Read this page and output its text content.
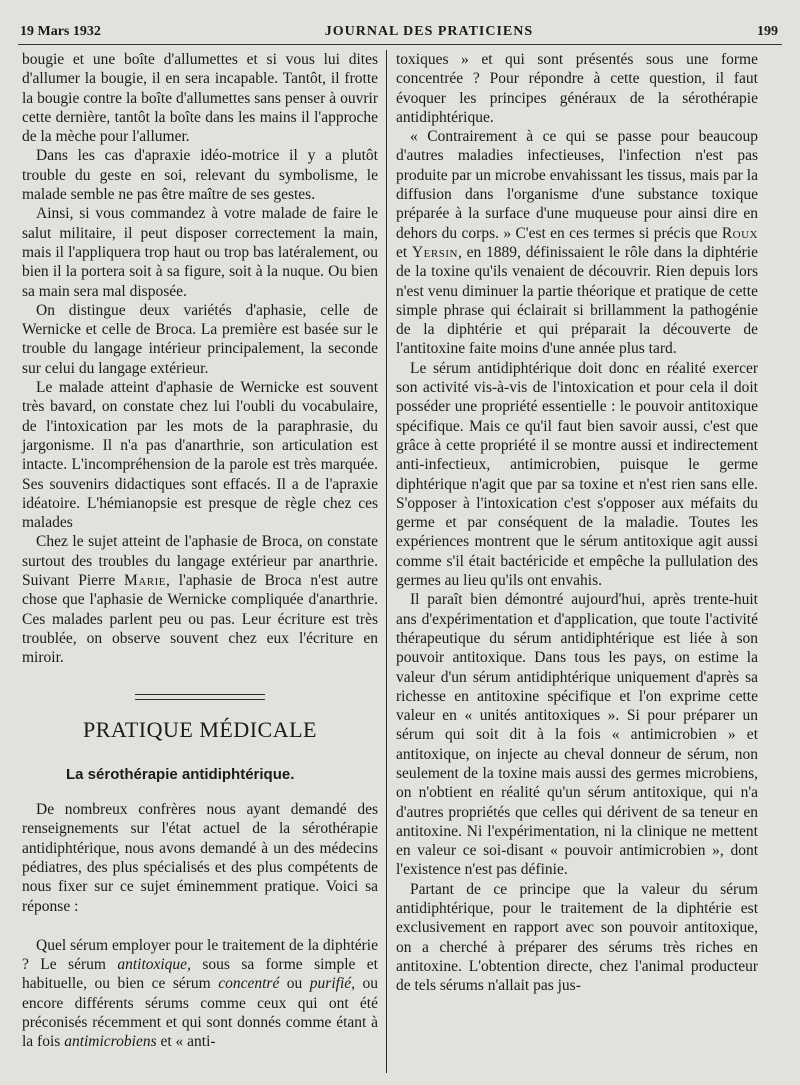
19 Mars 1932	JOURNAL DES PRATICIENS	199

bougie et une boîte d'allumettes et si vous lui dites d'allumer la bougie, il en sera incapable. Tantôt, il frotte la bougie contre la boîte d'allumettes sans penser à ouvrir cette dernière, tantôt la boîte dans les mains il l'approche de la mèche pour l'allumer.

Dans les cas d'apraxie idéo-motrice il y a plutôt trouble du geste en soi, relevant du symbolisme, le malade semble ne pas être maître de ses gestes.

Ainsi, si vous commandez à votre malade de faire le salut militaire, il peut disposer correctement la main, mais il l'appliquera trop haut ou trop bas latéralement, ou bien il la portera soit à sa figure, soit à la nuque. Ou bien sa main sera mal disposée.

On distingue deux variétés d'aphasie, celle de Wernicke et celle de Broca. La première est basée sur le trouble du langage intérieur principalement, la seconde sur celui du langage extérieur.

Le malade atteint d'aphasie de Wernicke est souvent très bavard, on constate chez lui l'oubli du vocabulaire, de l'intoxication par les mots de la paraphrasie, du jargonisme. Il n'a pas d'anarthrie, son articulation est intacte. L'incompréhension de la parole est très marquée. Ses souvenirs didactiques sont effacés. Il a de l'apraxie idéatoire. L'hémianopsie est presque de règle chez ces malades

Chez le sujet atteint de l'aphasie de Broca, on constate surtout des troubles du langage extérieur par anarthrie. Suivant Pierre Marie, l'aphasie de Broca n'est autre chose que l'aphasie de Wernicke compliquée d'anarthrie. Ces malades parlent peu ou pas. Leur écriture est très troublée, on observe souvent chez eux l'écriture en miroir.

PRATIQUE MÉDICALE
La sérothérapie antidiphtérique.

De nombreux confrères nous ayant demandé des renseignements sur l'état actuel de la sérothérapie antidiphtérique, nous avons demandé à un des médecins pédiatres, des plus spécialisés et des plus compétents de nous fixer sur ce sujet éminemment pratique. Voici sa réponse :

Quel sérum employer pour le traitement de la diphtérie ? Le sérum antitoxique, sous sa forme simple et habituelle, ou bien ce sérum concentré ou purifié, ou encore différents sérums comme ceux qui ont été préconisés récemment et qui sont donnés comme étant à la fois antimicrobiens et « anti-

toxiques » et qui sont présentés sous une forme concentrée ? Pour répondre à cette question, il faut évoquer les principes généraux de la sérothérapie antidiphtérique.

« Contrairement à ce qui se passe pour beaucoup d'autres maladies infectieuses, l'infection n'est pas produite par un microbe envahissant les tissus, mais par la diffusion dans l'organisme d'une substance toxique préparée à la surface d'une muqueuse pour ainsi dire en dehors du corps. » C'est en ces termes si précis que Roux et Yersin, en 1889, définissaient le rôle dans la diphtérie de la toxine qu'ils venaient de découvrir. Rien depuis lors n'est venu diminuer la partie théorique et pratique de cette simple phrase qui éclairait si brillamment la pathogénie de la diphtérie et qui préparait la découverte de l'antitoxine faite moins d'une année plus tard.

Le sérum antidiphtérique doit donc en réalité exercer son activité vis-à-vis de l'intoxication et pour cela il doit posséder une propriété essentielle : le pouvoir antitoxique spécifique. Mais ce qu'il faut bien savoir aussi, c'est que grâce à cette propriété il se montre aussi et indirectement anti-infectieux, antimicrobien, puisque le germe diphtérique n'agit que par sa toxine et n'est rien sans elle. S'opposer à l'intoxication c'est s'opposer aux méfaits du germe et par conséquent de la maladie. Toutes les expériences montrent que le sérum antitoxique agit aussi comme s'il était bactéricide et empêche la pullulation des germes au lieu qu'ils ont envahis.

Il paraît bien démontré aujourd'hui, après trente-huit ans d'expérimentation et d'application, que toute l'activité thérapeutique du sérum antidiphtérique est liée à son pouvoir antitoxique. Dans tous les pays, on estime la valeur d'un sérum antidiphtérique uniquement d'après sa richesse en antitoxine spécifique et l'on exprime cette valeur en « unités antitoxiques ». Si pour préparer un sérum qui soit dit à la fois « antimicrobien » et antitoxique, on injecte au cheval donneur de sérum, non seulement de la toxine mais aussi des germes microbiens, on n'obtient en réalité qu'un sérum antitoxique, qui n'a d'autres propriétés que celles qui dérivent de sa teneur en antitoxine. Ni l'expérimentation, ni la clinique ne mettent en valeur ce soi-disant « pouvoir antimicrobien », dont l'existence n'est pas définie.

Partant de ce principe que la valeur du sérum antidiphtérique, pour le traitement de la diphtérie est exclusivement en rapport avec son pouvoir antitoxique, on a cherché à préparer des sérums très riches en antitoxine. L'obtention directe, chez l'animal producteur de tels sérums n'allait pas jus-
